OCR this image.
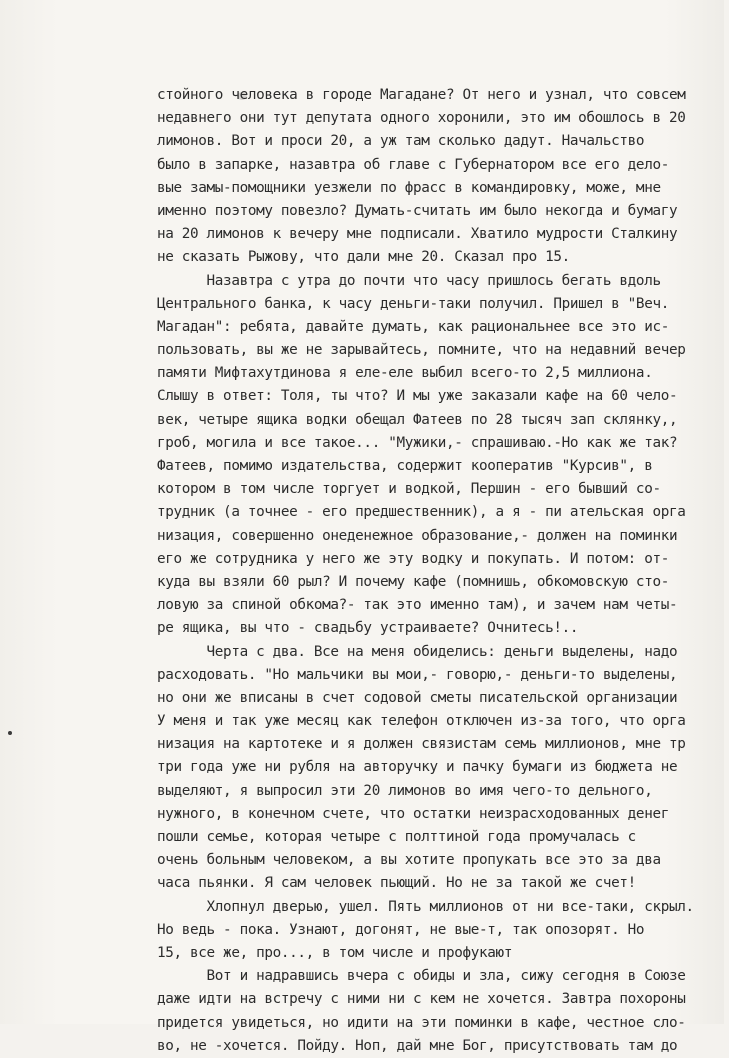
стойного человека в городе Магадане? От него и узнал, что совсем
недавнего они тут депутата одного хоронили, это им обошлось в 20
лимонов. Вот и проси 20, а уж там сколько дадут. Начальство
было в запарке, назавтра об главе с Губернатором все его дело-
вые замы-помощники уезжели по фрасс в командировку, може, мне
именно поэтому повезло? Думать-считать им было некогда и бумагу
на 20 лимонов к вечеру мне подписали. Хватило мудрости Сталкину
не сказать Рыжову, что дали мне 20. Сказал про 15.
Назавтра с утра до почти что часу пришлось бегать вдоль
Центрального банка, к часу деньги-таки получил. Пришел в "Веч.
Магадан": ребята, давайте думать, как рациональнее все это ис-
пользовать, вы же не зарывайтесь, помните, что на недавний вечер
памяти Мифтахутдинова я еле-еле выбил всего-то 2,5 миллиона.
Слышу в ответ: Толя, ты что? И мы уже заказали кафе на 60 чело-
век, четыре ящика водки обещал Фатеев по 28 тысяч зап склянку,,
гроб, могила и все такое... "Мужики,- спрашиваю.-Но как же так?
Фатеев, помимо издательства, содержит кооператив "Курсив", в
котором в том числе торгует и водкой, Першин - его бывший со-
трудник (а точнее - его предшественник), а я - пи ательская орга
низация, совершенно онеденежное образование,- должен на поминки
его же сотрудника у него же эту водку и покупать. И потом: от-
куда вы взяли 60 рыл? И почему кафе (помнишь, обкомовскую сто-
ловую за спиной обкома?- так это именно там), и зачем нам четы-
ре ящика, вы что - свадьбу устраиваете? Очнитесь!..
Черта с два. Все на меня обиделись: деньги выделены, надо
расходовать. "Но мальчики вы мои,- говорю,- деньги-то выделены,
но они же вписаны в счет содовой сметы писательской организации
У меня и так уже месяц как телефон отключен из-за того, что орга
низация на картотеке и я должен связистам семь миллионов, мне тр
три года уже ни рубля на авторучку и пачку бумаги из бюджета не
выделяют, я выпросил эти 20 лимонов во имя чего-то дельного,
нужного, в конечном счете, что остатки неизрасходованных денег
пошли семье, которая четыре с полттиной года промучалась с
очень больным человеком, а вы хотите пропукать все это за два
часа пьянки. Я сам человек пьющий. Но не за такой же счет!
Хлопнул дверью, ушел. Пять миллионов от ни все-таки, скрыл.
Но ведь - пока. Узнают, догонят, не вые-т, так опозорят. Но
15, все же, про..., в том числе и профукают
Вот и надравшись вчера с обиды и зла, сижу сегодня в Союзе
даже идти на встречу с ними ни с кем не хочется. Завтра похороны
придется увидеться, но идити на эти поминки в кафе, честное сло-
во, не -хочется. Пойду. Ноп, дай мне Бог, присутствовать там до
